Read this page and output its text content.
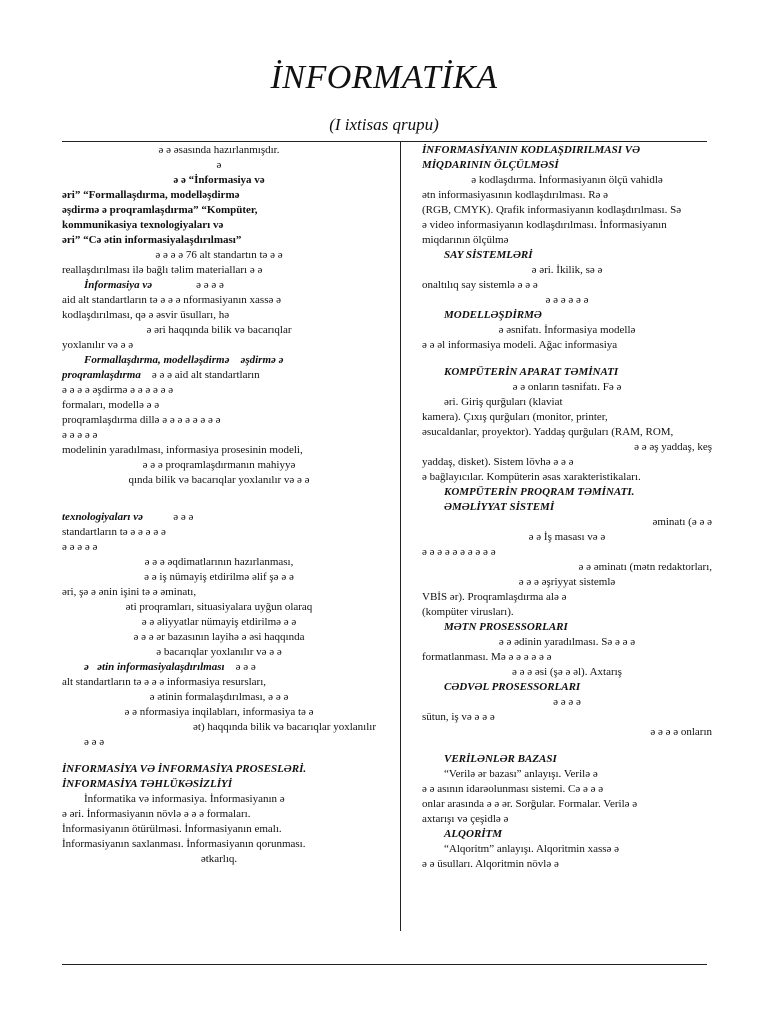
İNFORMATİKA
(I ixtisas qrupu)

ə ə əsasında hazırlanmışdır.

ə

ə ə “İnformasiya və

əri” “Formallaşdırma, modelləşdirmə

əşdirmə ə proqramlaşdırma” “Kompüter,

kommunikasiya texnologiyaları və

əri” “Cə ətin informasiyalaşdırılması”

ə ə ə ə 76 alt standartın tə ə ə

reallaşdırılması ilə bağlı təlim materialları ə ə

İnformasiya və	ə ə ə ə

aid alt standartların tə ə ə ə nformasiyanın xassə ə

kodlaşdırılması, qə ə əsvir üsulları, hə

ə əri haqqında bilik və bacarıqlar

yoxlanılır və ə ə

Formallaşdırma, modelləşdirmə əşdirmə ə

proqramlaşdırma ə ə ə aid alt standartların

ə ə ə ə əşdirmə ə ə ə ə ə ə

formaları, modellə ə ə

proqramlaşdırma dillə ə ə ə ə ə ə ə ə

ə ə ə ə ə

modelinin yaradılması, informasiya prosesinin modeli,

ə ə ə proqramlaşdırmanın mahiyyə

qında bilik və bacarıqlar yoxlanılır və ə ə

texnologiyaları və	ə ə ə

standartların tə ə ə ə ə ə

ə ə ə ə ə

ə ə ə əqdimatlarının hazırlanması,

ə ə iş nümayiş etdirilmə əlif şə ə ə

əri, şə ə ənin işini tə ə əminatı,

əti proqramları, situasiyalara uyğun olaraq

ə ə əliyyatlar nümayiş etdirilmə ə ə

ə ə ə ər bazasının layihə ə əsi haqqında

ə bacarıqlar yoxlanılır və ə ə

ə ətin informasiyalaşdırılması ə ə ə

alt standartların tə ə ə ə informasiya resursları,

ə ətinin formalaşdırılması, ə ə ə

ə ə nformasiya inqilabları, informasiya tə ə

ət) haqqında bilik və bacarıqlar yoxlanılır

ə ə ə

İNFORMASİYA VƏ İNFORMASİYA PROSESLƏRİ.

İNFORMASİYA TƏHLÜKƏSİZLİYİ

İnformatika və informasiya. İnformasiyanın ə

ə əri. İnformasiyanın növlə ə ə ə formaları.

İnformasiyanın ötürülməsi. İnformasiyanın emalı.

İnformasiyanın saxlanması. İnformasiyanın qorunması.

ətkarlıq.

İNFORMASİYANIN KODLAŞDIRILMASI VƏ

MİQDARININ ÖLÇÜLMƏSİ

ə kodlaşdırma. İnformasiyanın ölçü vahidlə

ətn informasiyasının kodlaşdırılması. Rə ə

(RGB, CMYK). Qrafik informasiyanın kodlaşdırılması. Sə

ə video informasiyanın kodlaşdırılması. İnformasiyanın

miqdarının ölçülmə

SAY SİSTEMLƏRİ

ə əri. İkilik, sə ə

onaltılıq say sistemlə ə ə ə

ə ə ə ə ə ə

MODELLƏŞDİRMƏ

ə əsnifatı. İnformasiya modellə

ə ə əl informasiya modeli. Ağac informasiya

KOMPÜTERİN APARAT TƏMİNATI

ə ə onların təsnifatı. Fə ə

əri. Giriş qurğuları (klaviat

kamera). Çıxış qurğuları (monitor, printer,

əsucaldanlar, proyektor). Yaddaş qurğuları (RAM, ROM,

ə ə əş yaddaş, keş

yaddaş, disket). Sistem lövhə ə ə ə

ə bağlayıcılar. Kompüterin əsas xarakteristikaları.

KOMPÜTERİN PROQRAM TƏMİNATI.

ƏMƏLİYYAT SİSTEMİ

əminatı (ə ə ə

ə ə İş masası və ə

ə ə ə ə ə ə ə ə ə ə

ə ə əminatı (mətn redaktorları,

ə ə ə əşriyyat sistemlə

VBİS ər). Proqramlaşdırma alə ə

(kompüter virusları).

MƏTN PROSESSORLARI

ə ə ədinin yaradılması. Sə ə ə ə

formatlanması. Mə ə ə ə ə ə ə

ə ə ə əsi (şə ə əl). Axtarış

CƏDVƏL PROSESSORLARI

ə ə ə ə

sütun, iş və ə ə ə

ə ə ə ə onların

VERİLƏNLƏR BAZASI

“Verilə ər bazası” anlayışı. Verilə ə

ə ə asının idarəolunması sistemi. Cə ə ə ə

onlar arasında ə ə ər. Sorğular. Formalar. Verilə ə

axtarışı və çeşidlə ə

ALQORİTM

“Alqoritm” anlayışı. Alqoritmin xassə ə

ə ə üsulları. Alqoritmin növlə ə
